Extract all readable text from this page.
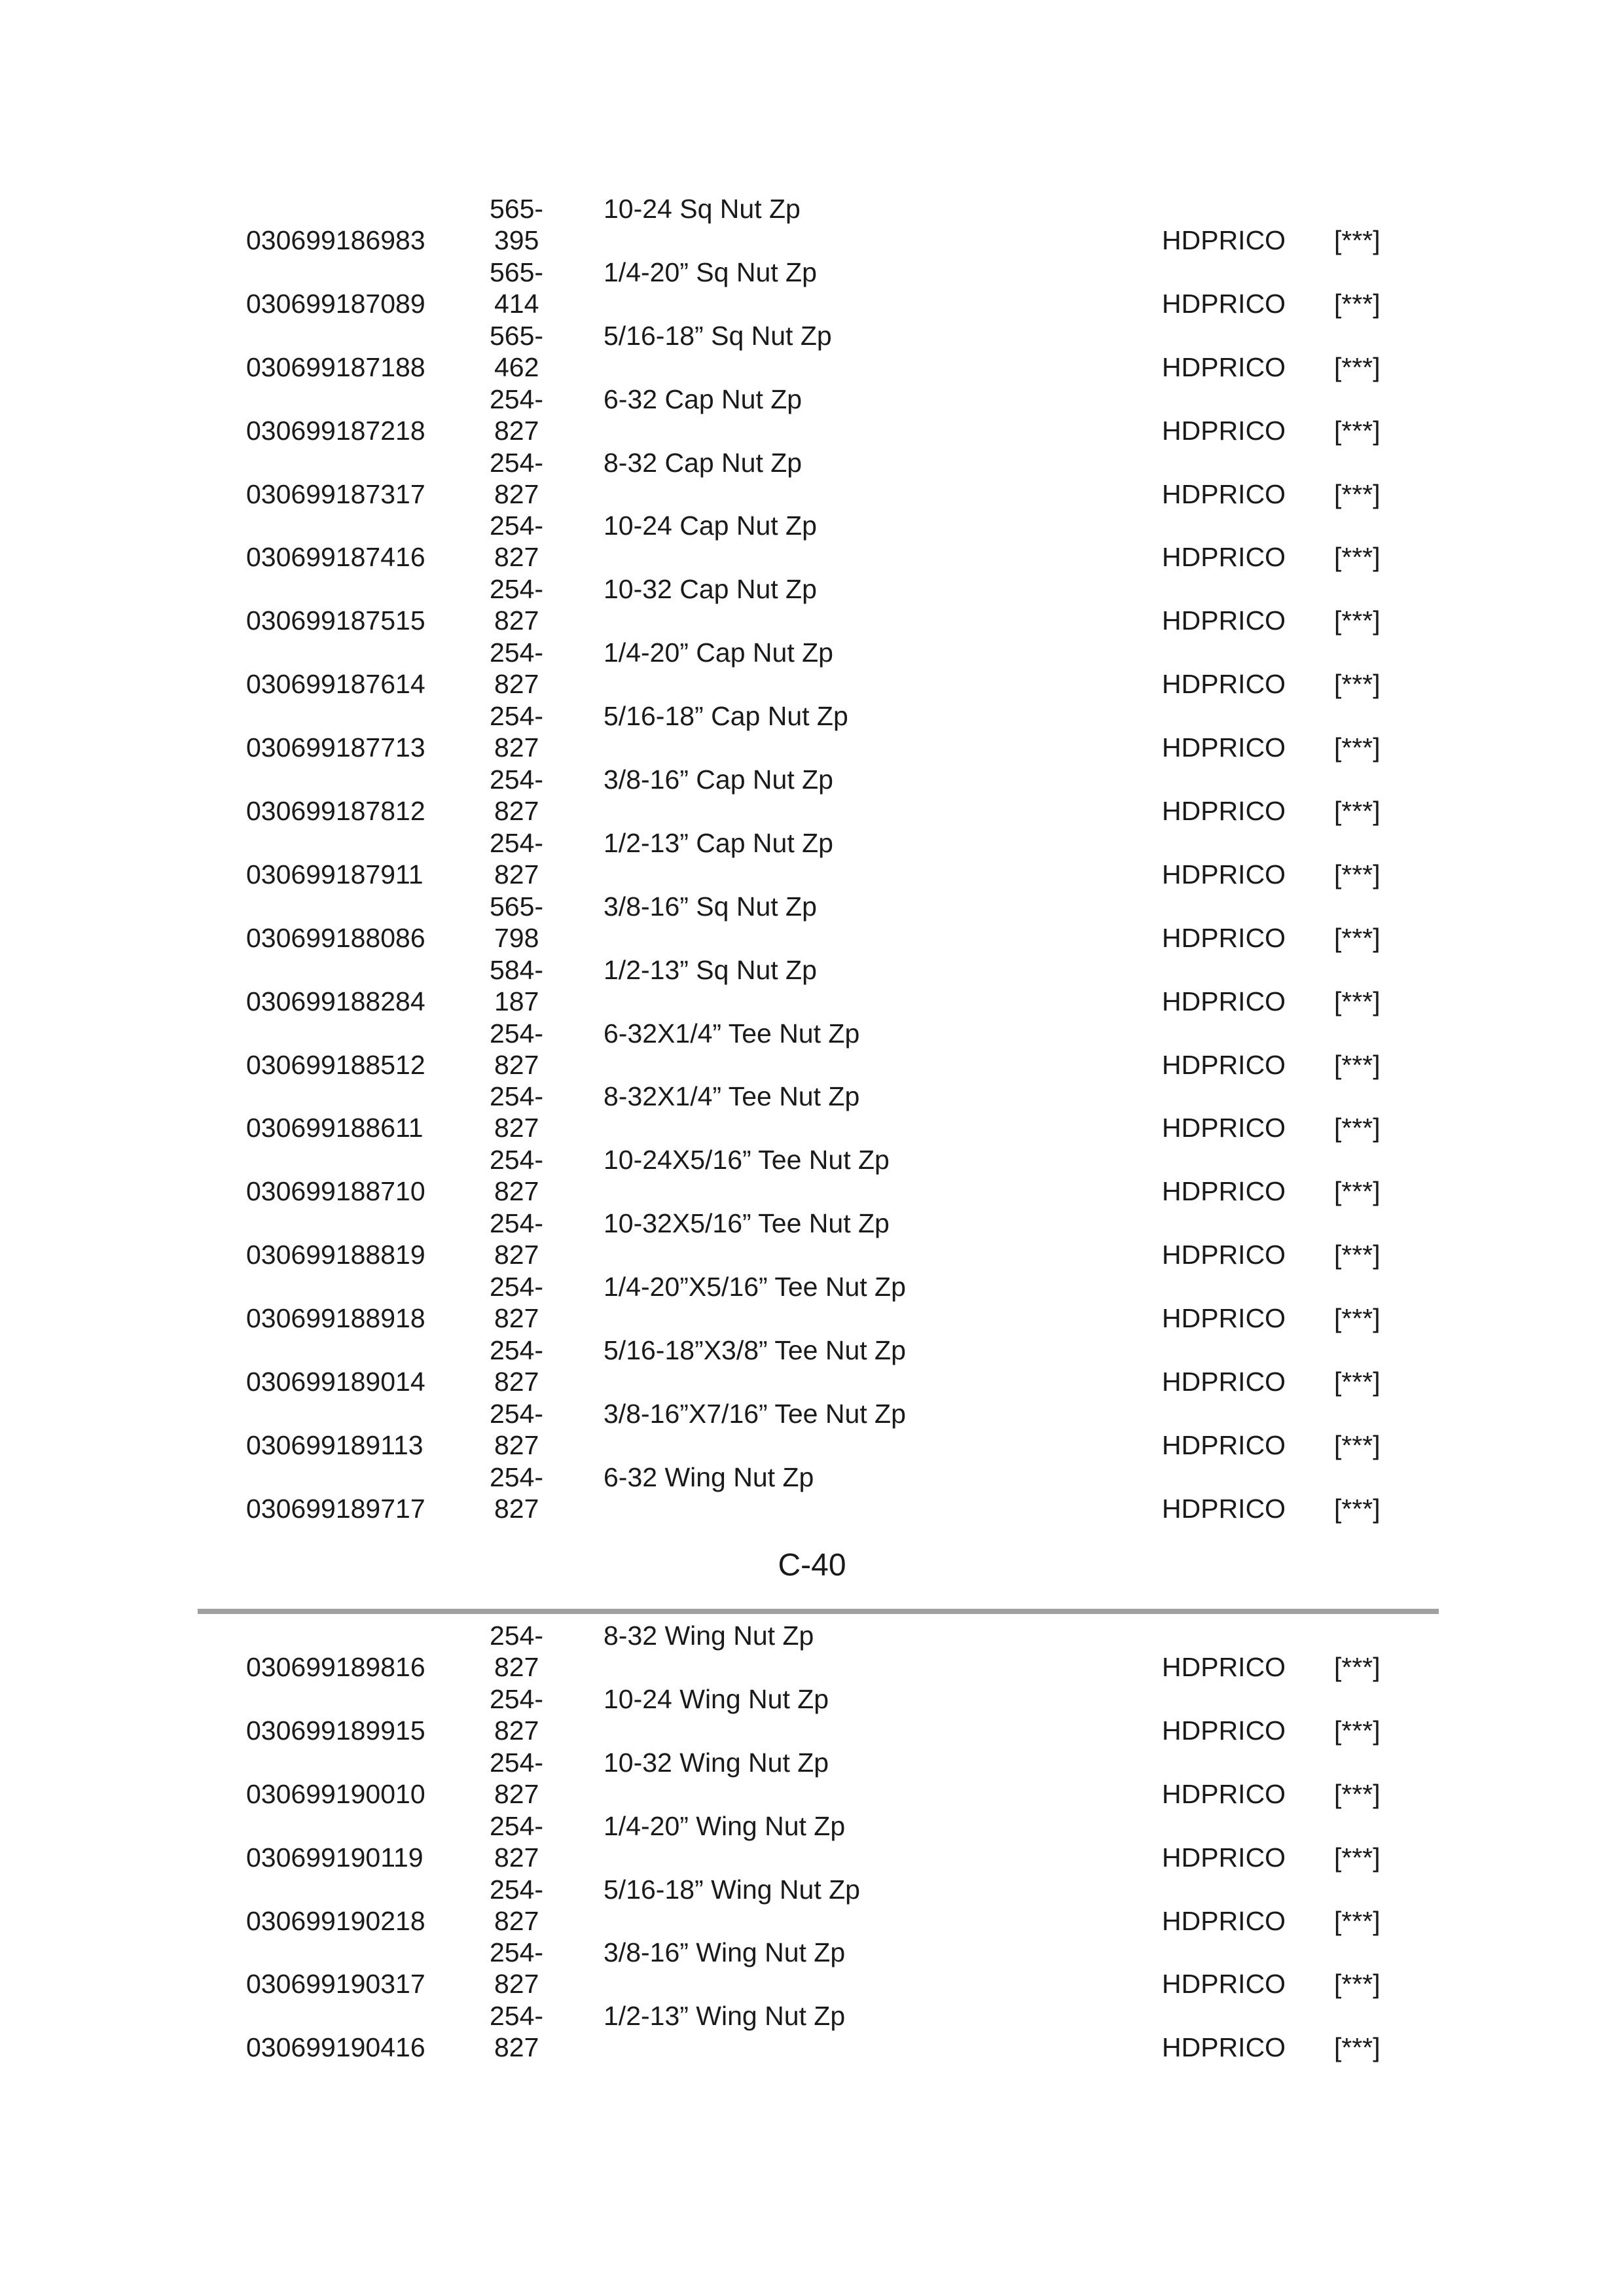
030699186983
565-
395
10-24 Sq Nut Zp
HDPRICO [***]
030699187089
565-
414
1/4-20” Sq Nut Zp
HDPRICO [***]
030699187188
565-
462
5/16-18” Sq Nut Zp
HDPRICO [***]
030699187218
254-
827
6-32 Cap Nut Zp
HDPRICO [***]
030699187317
254-
827
8-32 Cap Nut Zp
HDPRICO [***]
030699187416
254-
827
10-24 Cap Nut Zp
HDPRICO [***]
030699187515
254-
827
10-32 Cap Nut Zp
HDPRICO [***]
030699187614
254-
827
1/4-20” Cap Nut Zp
HDPRICO [***]
030699187713
254-
827
5/16-18” Cap Nut Zp
HDPRICO [***]
030699187812
254-
827
3/8-16” Cap Nut Zp
HDPRICO [***]
030699187911
254-
827
1/2-13” Cap Nut Zp
HDPRICO [***]
030699188086
565-
798
3/8-16” Sq Nut Zp
HDPRICO [***]
030699188284
584-
187
1/2-13” Sq Nut Zp
HDPRICO [***]
030699188512
254-
827
6-32X1/4” Tee Nut Zp
HDPRICO [***]
030699188611
254-
827
8-32X1/4” Tee Nut Zp
HDPRICO [***]
030699188710
254-
827
10-24X5/16” Tee Nut Zp
HDPRICO [***]
030699188819
254-
827
10-32X5/16” Tee Nut Zp
HDPRICO [***]
030699188918
254-
827
1/4-20”X5/16” Tee Nut Zp
HDPRICO [***]
030699189014
254-
827
5/16-18”X3/8” Tee Nut Zp
HDPRICO [***]
030699189113
254-
827
3/8-16”X7/16” Tee Nut Zp
HDPRICO [***]
030699189717
254-
827
6-32 Wing Nut Zp
HDPRICO [***]
C-40
030699189816
254-
827
8-32 Wing Nut Zp
HDPRICO [***]
030699189915
254-
827
10-24 Wing Nut Zp
HDPRICO [***]
030699190010
254-
827
10-32 Wing Nut Zp
HDPRICO [***]
030699190119
254-
827
1/4-20” Wing Nut Zp
HDPRICO [***]
030699190218
254-
827
5/16-18” Wing Nut Zp
HDPRICO [***]
030699190317
254-
827
3/8-16” Wing Nut Zp
HDPRICO [***]
030699190416
254-
827
1/2-13” Wing Nut Zp
HDPRICO [***]
